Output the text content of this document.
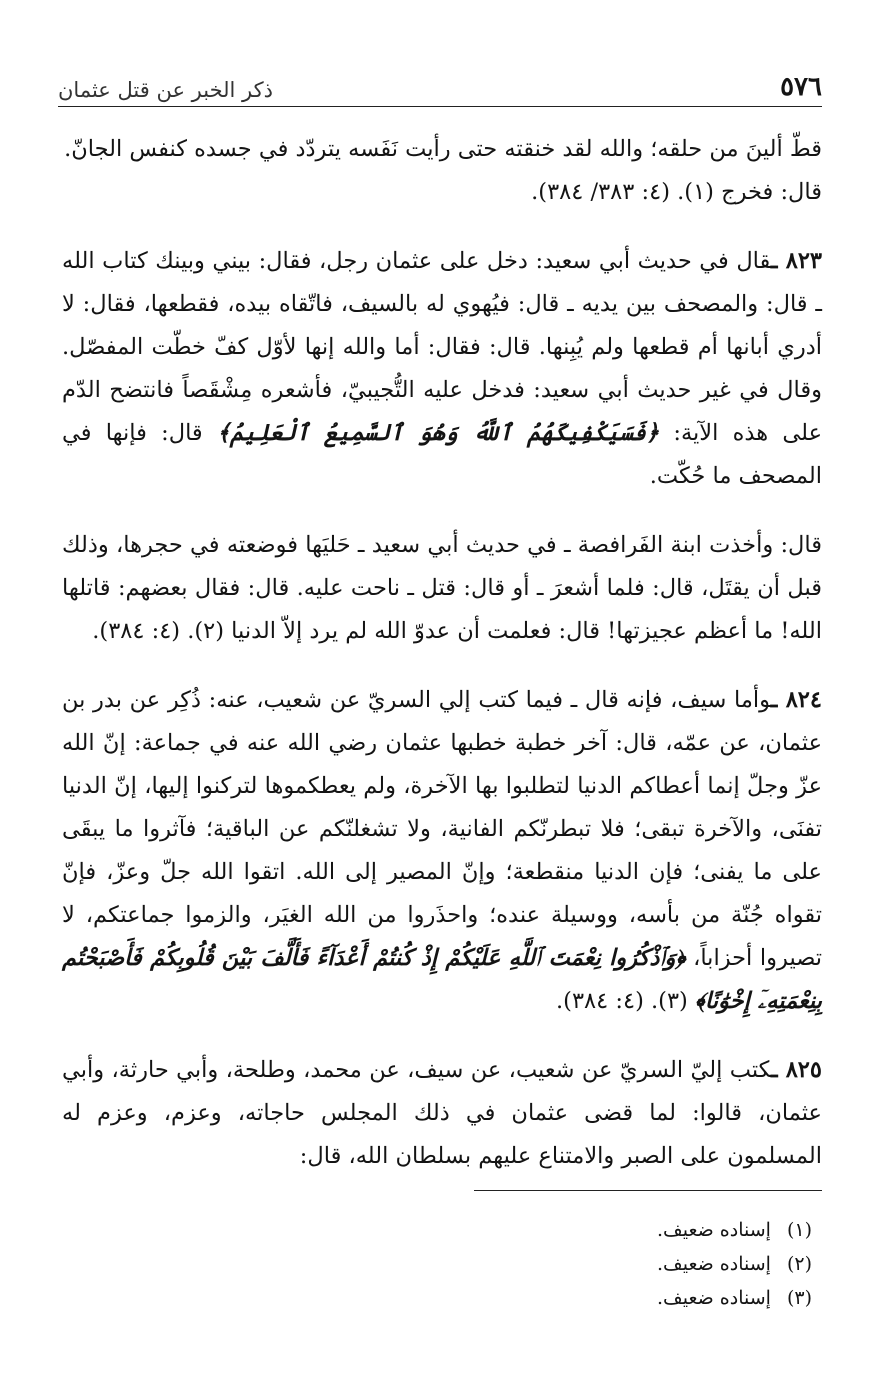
٥٧٦
ذكر الخبر عن قتل عثمان

قطّ ألينَ من حلقه؛ والله لقد خنقته حتى رأيت نَفَسه يتردّد في جسده كنفس الجانّ.

قال: فخرج (١). (٤: ٣٨٣/ ٣٨٤).

٨٢٣ ـقال في حديث أبي سعيد: دخل على عثمان رجل، فقال: بيني وبينك كتاب الله ـ قال: والمصحف بين يديه ـ قال: فيُهوي له بالسيف، فاتّقاه بيده، فقطعها، فقال: لا أدري أبانها أم قطعها ولم يُبِنها. قال: فقال: أما والله إنها لأوّل كفّ خطّت المفصّل. وقال في غير حديث أبي سعيد: فدخل عليه التُّجيبيّ، فأشعره مِشْقَصاً فانتضح الدّم على هذه الآية: ﴿فَسَيَكْفِيكَهُمُ ٱللَّهُ وَهُوَ ٱلسَّمِيعُ ٱلْعَلِيمُ﴾ قال: فإنها في المصحف ما حُكّت.

قال: وأخذت ابنة الفَرافصة ـ في حديث أبي سعيد ـ حَليَها فوضعته في حجرها، وذلك قبل أن يقتَل، قال: فلما أشعرَ ـ أو قال: قتل ـ ناحت عليه. قال: فقال بعضهم: قاتلها الله! ما أعظم عجيزتها! قال: فعلمت أن عدوّ الله لم يرد إلاّ الدنيا (٢). (٤: ٣٨٤).

٨٢٤ ـوأما سيف، فإنه قال ـ فيما كتب إلي السريّ عن شعيب، عنه: ذُكِر عن بدر بن عثمان، عن عمّه، قال: آخر خطبة خطبها عثمان رضي الله عنه في جماعة: إنّ الله عزّ وجلّ إنما أعطاكم الدنيا لتطلبوا بها الآخرة، ولم يعطكموها لتركنوا إليها، إنّ الدنيا تفنَى، والآخرة تبقى؛ فلا تبطرنّكم الفانية، ولا تشغلنّكم عن الباقية؛ فآثروا ما يبقَى على ما يفنى؛ فإن الدنيا منقطعة؛ وإنّ المصير إلى الله. اتقوا الله جلّ وعزّ، فإنّ تقواه جُنّة من بأسه، ووسيلة عنده؛ واحذَروا من الله الغيَر، والزموا جماعتكم، لا تصيروا أحزاباً، ﴿وَٱذْكُرُوا نِعْمَتَ ٱللَّهِ عَلَيْكُمْ إِذْ كُنتُمْ أَعْدَآءً فَأَلَّفَ بَيْنَ قُلُوبِكُمْ فَأَصْبَحْتُم بِنِعْمَتِهِۦٓ إِخْوَٰنًا﴾ (٣). (٤: ٣٨٤).

٨٢٥ ـكتب إليّ السريّ عن شعيب، عن سيف، عن محمد، وطلحة، وأبي حارثة، وأبي عثمان، قالوا: لما قضى عثمان في ذلك المجلس حاجاته، وعزم، وعزم له المسلمون على الصبر والامتناع عليهم بسلطان الله، قال:

(١)إسناده ضعيف.
(٢)إسناده ضعيف.
(٣)إسناده ضعيف.
